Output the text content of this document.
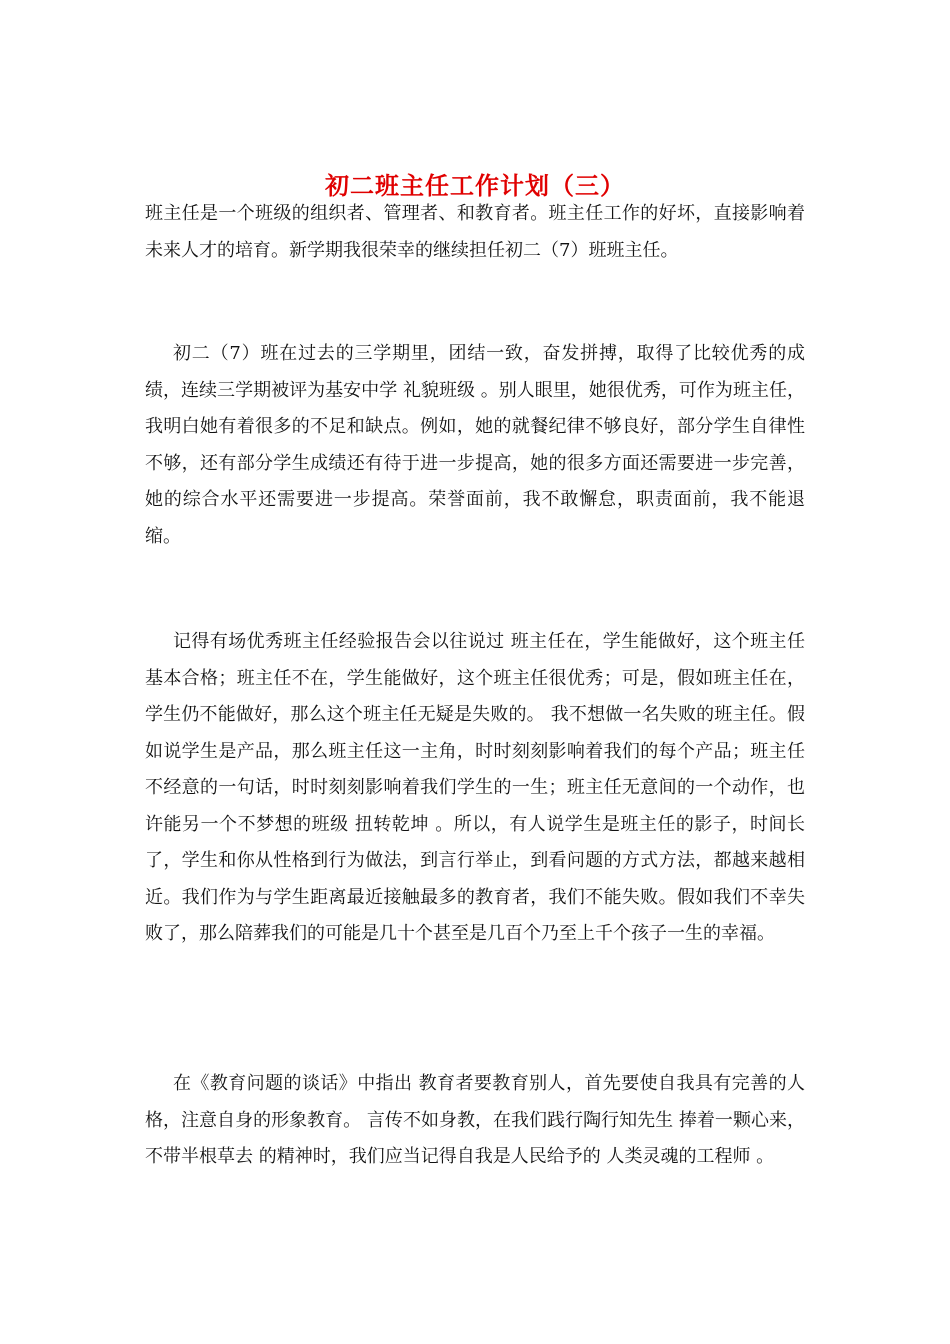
初二班主任工作计划（三）

班主任是一个班级的组织者、管理者、和教育者。班主任工作的好坏，直接影响着未来人才的培育。新学期我很荣幸的继续担任初二（7）班班主任。

初二（7）班在过去的三学期里，团结一致，奋发拼搏，取得了比较优秀的成绩，连续三学期被评为基安中学 礼貌班级 。别人眼里，她很优秀，可作为班主任，我明白她有着很多的不足和缺点。例如，她的就餐纪律不够良好，部分学生自律性不够，还有部分学生成绩还有待于进一步提高，她的很多方面还需要进一步完善，她的综合水平还需要进一步提高。荣誉面前，我不敢懈怠，职责面前，我不能退缩。

记得有场优秀班主任经验报告会以往说过 班主任在，学生能做好，这个班主任基本合格；班主任不在，学生能做好，这个班主任很优秀；可是，假如班主任在，学生仍不能做好，那么这个班主任无疑是失败的。 我不想做一名失败的班主任。假如说学生是产品，那么班主任这一主角，时时刻刻影响着我们的每个产品；班主任不经意的一句话，时时刻刻影响着我们学生的一生；班主任无意间的一个动作，也许能另一个不梦想的班级 扭转乾坤 。所以，有人说学生是班主任的影子，时间长了，学生和你从性格到行为做法，到言行举止，到看问题的方式方法，都越来越相近。我们作为与学生距离最近接触最多的教育者，我们不能失败。假如我们不幸失败了，那么陪葬我们的可能是几十个甚至是几百个乃至上千个孩子一生的幸福。

在《教育问题的谈话》中指出 教育者要教育别人，首先要使自我具有完善的人格，注意自身的形象教育。 言传不如身教，在我们践行陶行知先生 捧着一颗心来，不带半根草去 的精神时，我们应当记得自我是人民给予的 人类灵魂的工程师 。
